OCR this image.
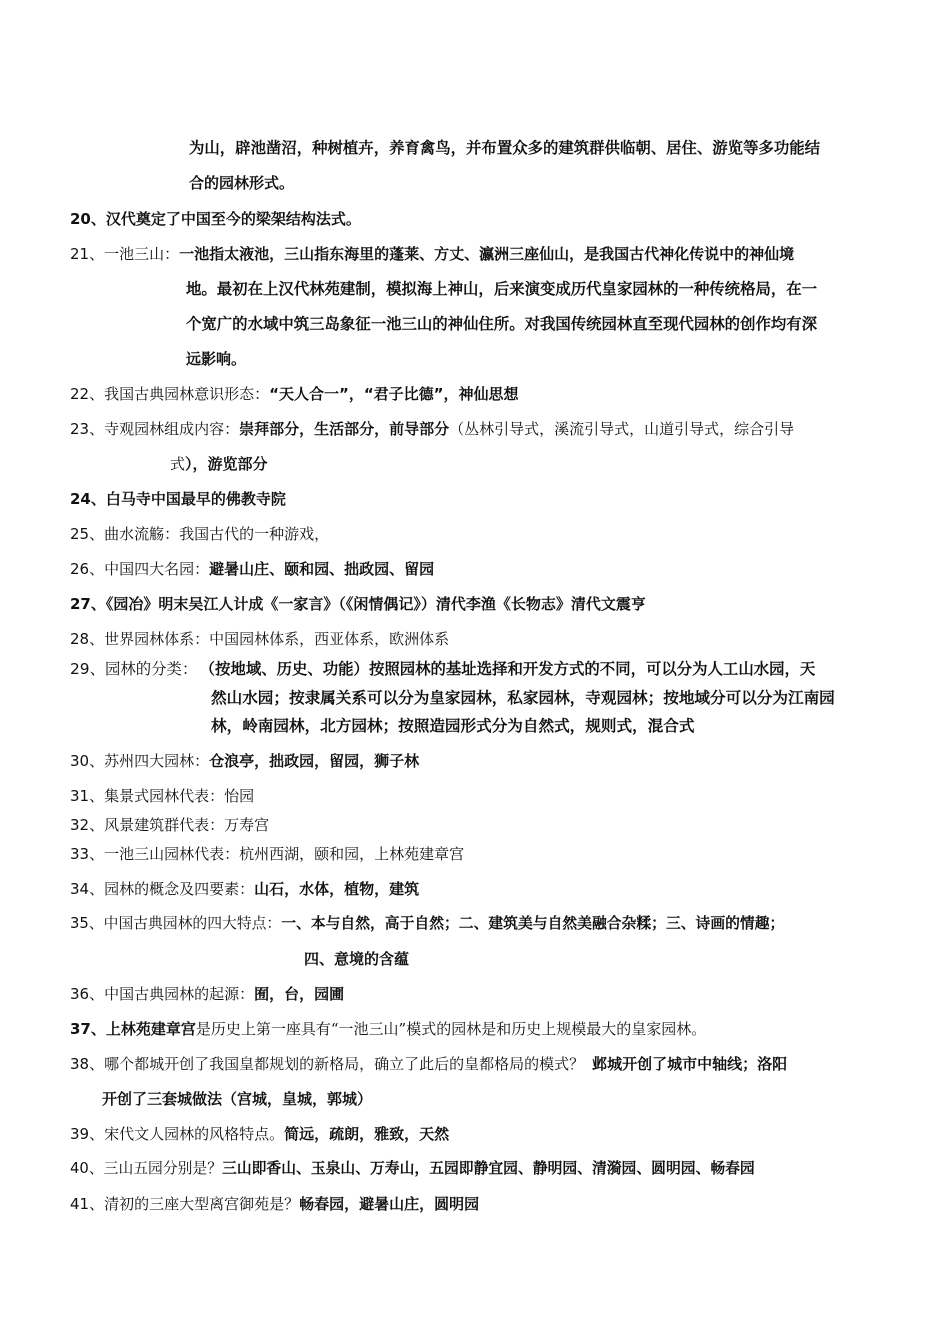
为山，辟池凿沼，种树植卉，养育禽鸟，并布置众多的建筑群供临朝、居住、游览等多功能结
合的园林形式。
20、汉代奠定了中国至今的梁架结构法式。
21、一池三山：一池指太液池，三山指东海里的蓬莱、方丈、瀛洲三座仙山，是我国古代神化传说中的神仙境
地。最初在上汉代林苑建制，模拟海上神山，后来演变成历代皇家园林的一种传统格局，在一
个宽广的水域中筑三岛象征一池三山的神仙住所。对我国传统园林直至现代园林的创作均有深
远影响。
22、我国古典园林意识形态：“天人合一”，“君子比德”，神仙思想
23、寺观园林组成内容：崇拜部分，生活部分，前导部分（丛林引导式，溪流引导式，山道引导式，综合引导
式），游览部分
24、白马寺中国最早的佛教寺院
25、曲水流觞：我国古代的一种游戏，
26、中国四大名园：避暑山庄、颐和园、拙政园、留园
27、《园冶》明末吴江人计成《一家言》（《闲情偶记》）清代李渔《长物志》清代文震亨
28、世界园林体系：中国园林体系，西亚体系，欧洲体系
29、园林的分类： （按地域、历史、功能）按照园林的基址选择和开发方式的不同，可以分为人工山水园，天
然山水园；按隶属关系可以分为皇家园林，私家园林，寺观园林；按地域分可以分为江南园
林，岭南园林，北方园林；按照造园形式分为自然式，规则式，混合式
30、苏州四大园林：仓浪亭，拙政园，留园，狮子林
31、集景式园林代表：怡园
32、风景建筑群代表：万寿宫
33、一池三山园林代表：杭州西湖，颐和园，上林苑建章宫
34、园林的概念及四要素：山石，水体，植物，建筑
35、中国古典园林的四大特点：一、本与自然，高于自然；二、建筑美与自然美融合杂糅；三、诗画的情趣；
四、意境的含蕴
36、中国古典园林的起源：囿，台，园圃
37、上林苑建章宫是历史上第一座具有“一池三山”模式的园林是和历史上规模最大的皇家园林。
38、哪个都城开创了我国皇都规划的新格局，确立了此后的皇都格局的模式？ 邺城开创了城市中轴线；洛阳
开创了三套城做法（宫城，皇城，郭城）
39、宋代文人园林的风格特点。简远，疏朗，雅致，天然
40、三山五园分别是？三山即香山、玉泉山、万寿山，五园即静宜园、静明园、清漪园、圆明园、畅春园
41、清初的三座大型离宫御苑是？畅春园，避暑山庄，圆明园
